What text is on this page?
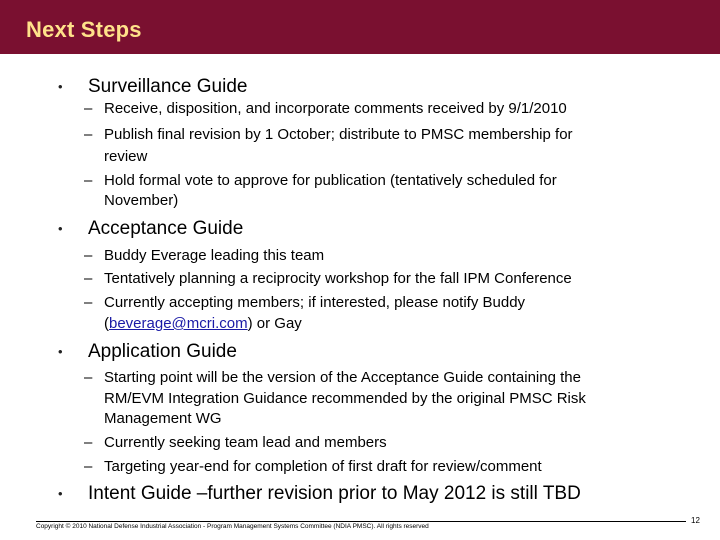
Next Steps
• Surveillance Guide
– Receive, disposition, and incorporate comments received by 9/1/2010
– Publish final revision by 1 October; distribute to PMSC membership for
review
– Hold formal vote to approve for publication (tentatively scheduled for
November)
• Acceptance Guide
– Buddy Everage leading this team
– Tentatively planning a reciprocity workshop for the fall IPM Conference
– Currently accepting members; if interested, please notify Buddy
(beverage@mcri.com) or Gay
• Application Guide
– Starting point will be the version of the Acceptance Guide containing the
RM/EVM Integration Guidance recommended by the original PMSC Risk
Management WG
– Currently seeking team lead and members
– Targeting year-end for completion of first draft for review/comment
• Intent Guide –further revision prior to May 2012 is still TBD
Copyright © 2010 National Defense Industrial Association - Program Management Systems Committee (NDIA PMSC). All rights reserved
12
